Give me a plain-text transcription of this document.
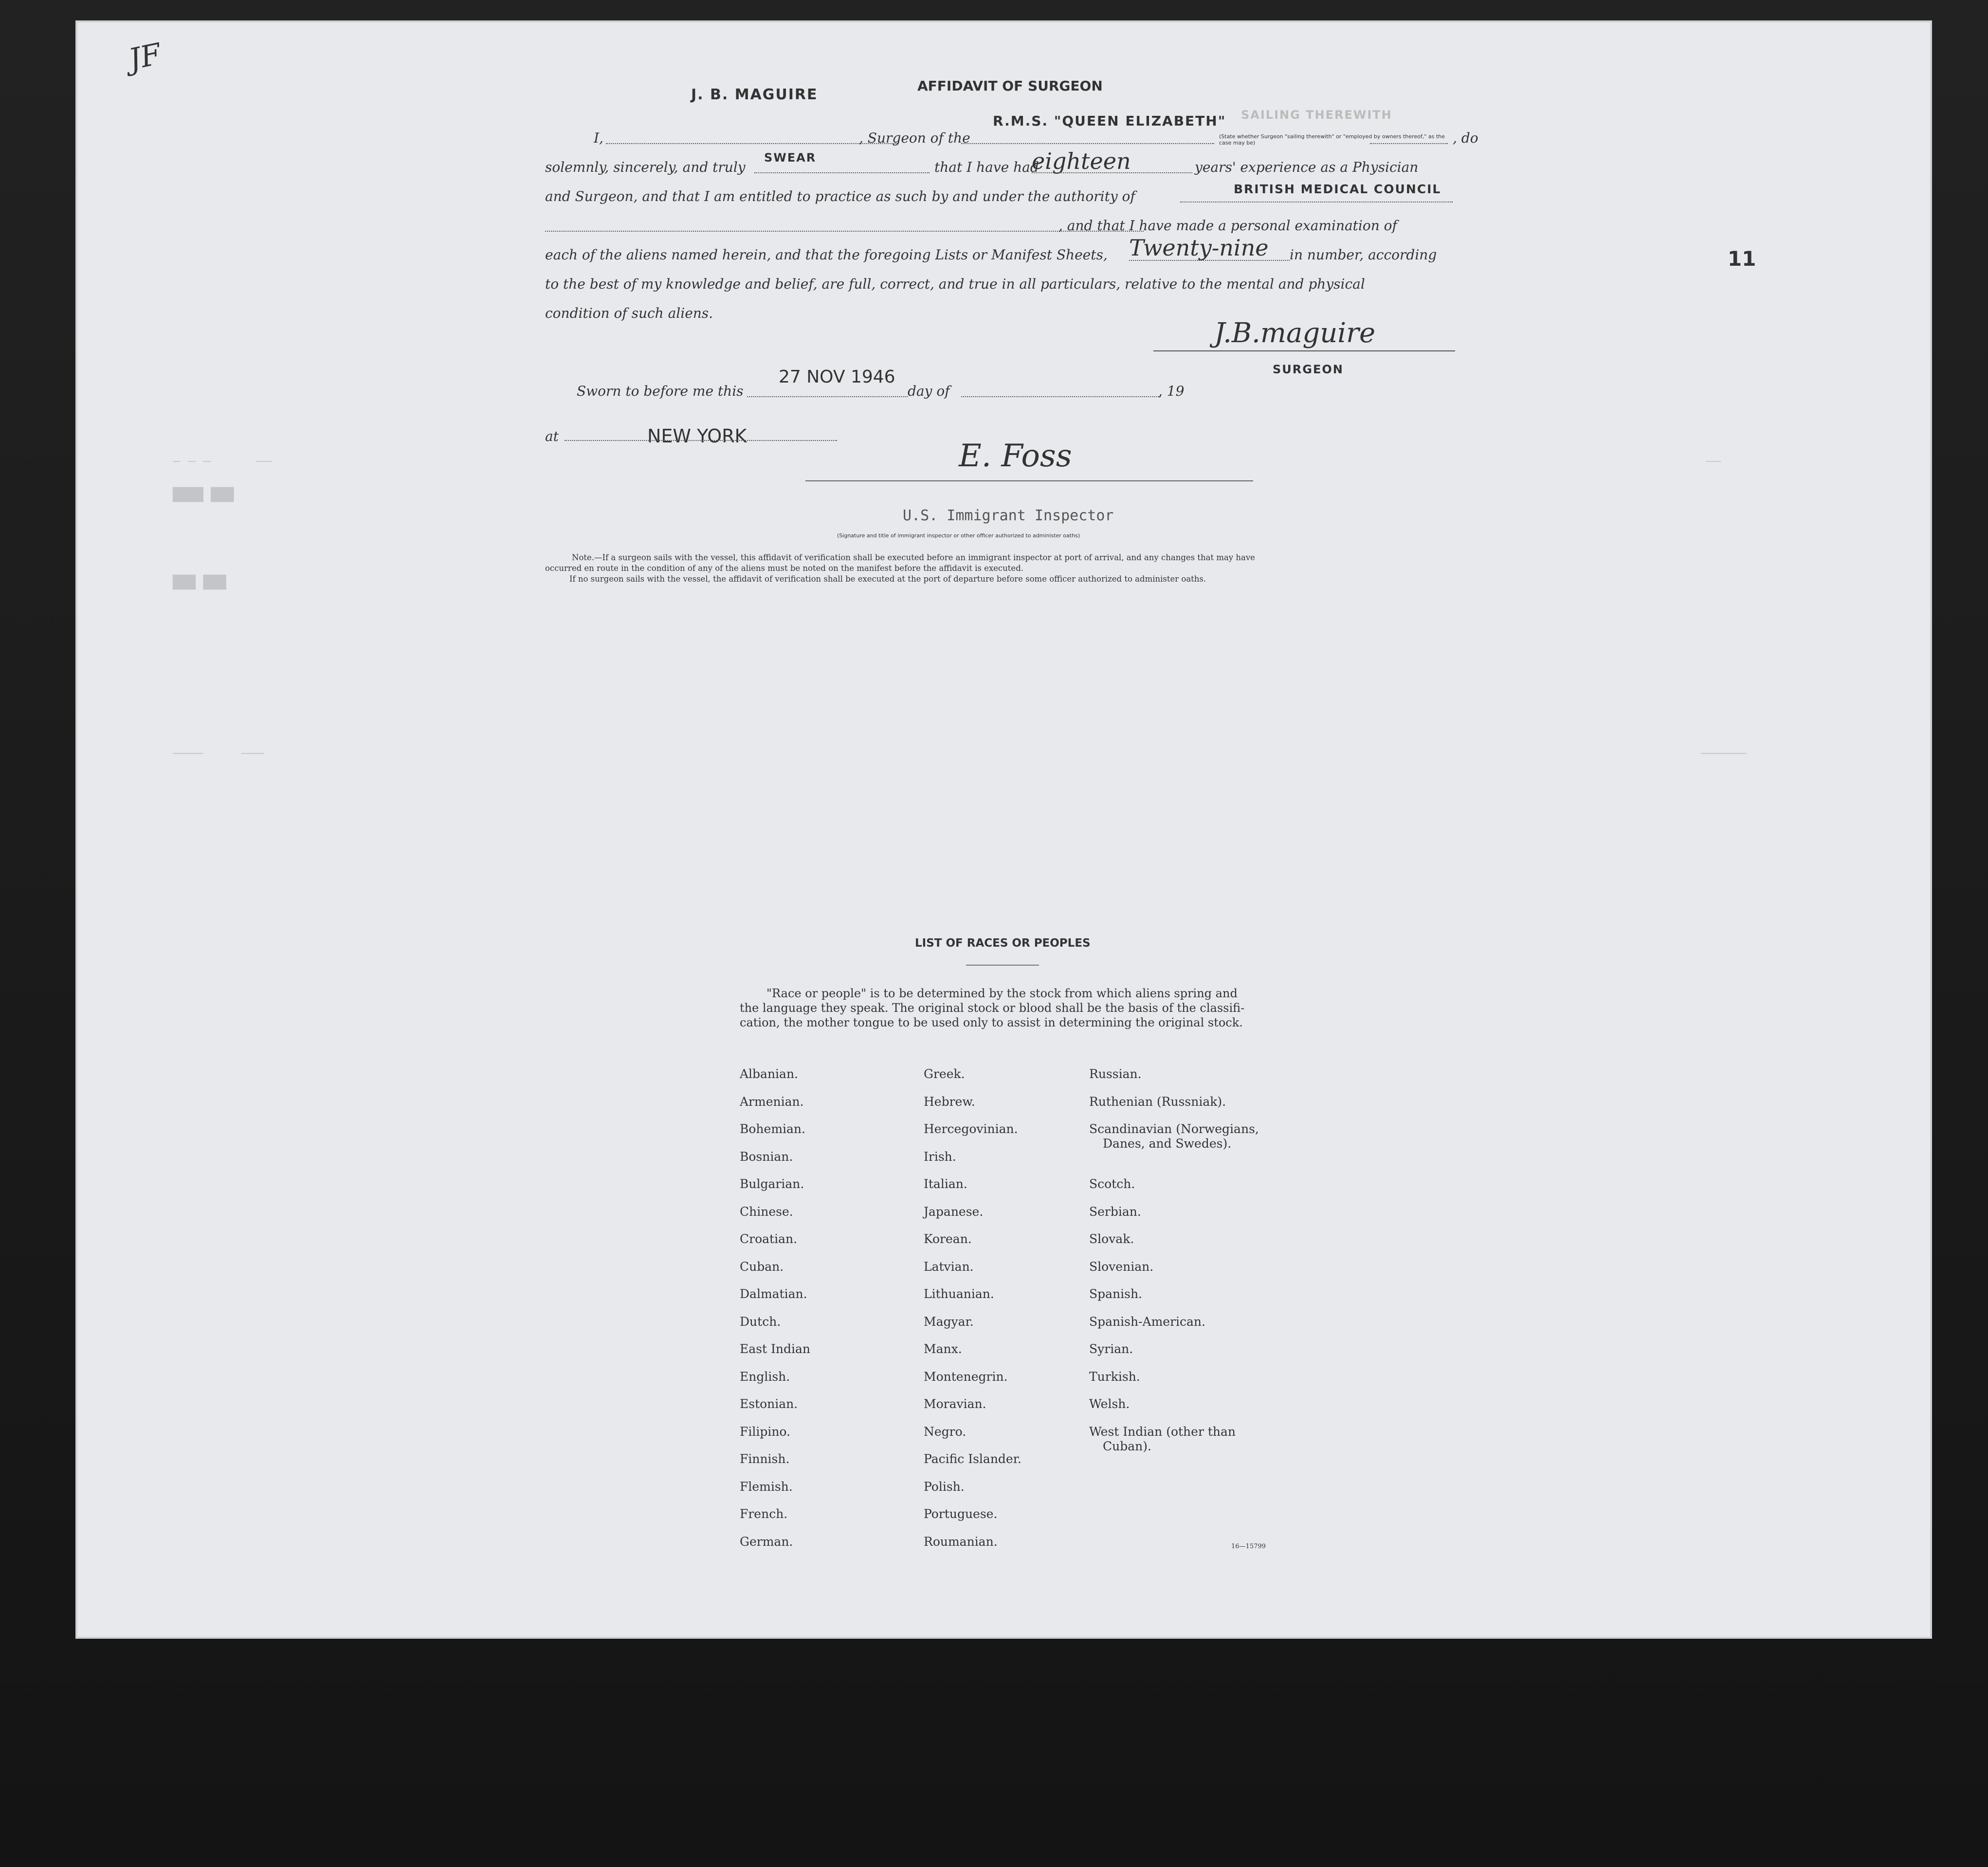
JF
11
— — —      ——
████ ███
███ ███
————     ———	——————
——
AFFIDAVIT OF SURGEON
J. B. MAGUIRE
SAILING THEREWITH
I,	, Surgeon of the
R.M.S. "QUEEN ELIZABETH"
(State whether Surgeon "sailing therewith" or "employed by owners thereof," as the case may be)	, do
solemnly, sincerely, and truly
SWEAR
that I have had
eighteen	years' experience as a Physician
and Surgeon, and that I am entitled to practice as such by and under the authority of	BRITISH MEDICAL COUNCIL
, and that I have made a personal examination of
each of the aliens named herein, and that the foregoing Lists or Manifest Sheets, Twenty-nine in number, according
to the best of my knowledge and belief, are full, correct, and true in all particulars, relative to the mental and physical
condition of such aliens.
J.B.maguire
SURGEON
Sworn to before me this
27 NOV 1946
day of	, 19
at	NEW YORK
E. Foss
U.S. Immigrant Inspector
(Signature and title of immigrant inspector or other officer authorized to administer oaths)
Note.—If a surgeon sails with the vessel, this affidavit of verification shall be executed before an immigrant inspector at port of arrival, and any changes that may have
occurred en route in the condition of any of the aliens must be noted on the manifest before the affidavit is executed.
If no surgeon sails with the vessel, the affidavit of verification shall be executed at the port of departure before some officer authorized to administer oaths.
LIST OF RACES OR PEOPLES
"Race or people" is to be determined by the stock from which aliens spring and
the language they speak. The original stock or blood shall be the basis of the classifi-
cation, the mother tongue to be used only to assist in determining the original stock.
Albanian.
Armenian.
Bohemian.
Bosnian.
Bulgarian.
Chinese.
Croatian.
Cuban.
Dalmatian.
Dutch.
East Indian
English.
Estonian.
Filipino.
Finnish.
Flemish.
French.
German.
Greek.
Hebrew.
Hercegovinian.
Irish.
Italian.
Japanese.
Korean.
Latvian.
Lithuanian.
Magyar.
Manx.
Montenegrin.
Moravian.
Negro.
Pacific Islander.
Polish.
Portuguese.
Roumanian.
Russian.
Ruthenian (Russniak).
Scandinavian (Norwegians,
Danes, and Swedes).
Scotch.
Serbian.
Slovak.
Slovenian.
Spanish.
Spanish-American.
Syrian.
Turkish.
Welsh.
West Indian (other than
Cuban).
16—15799
